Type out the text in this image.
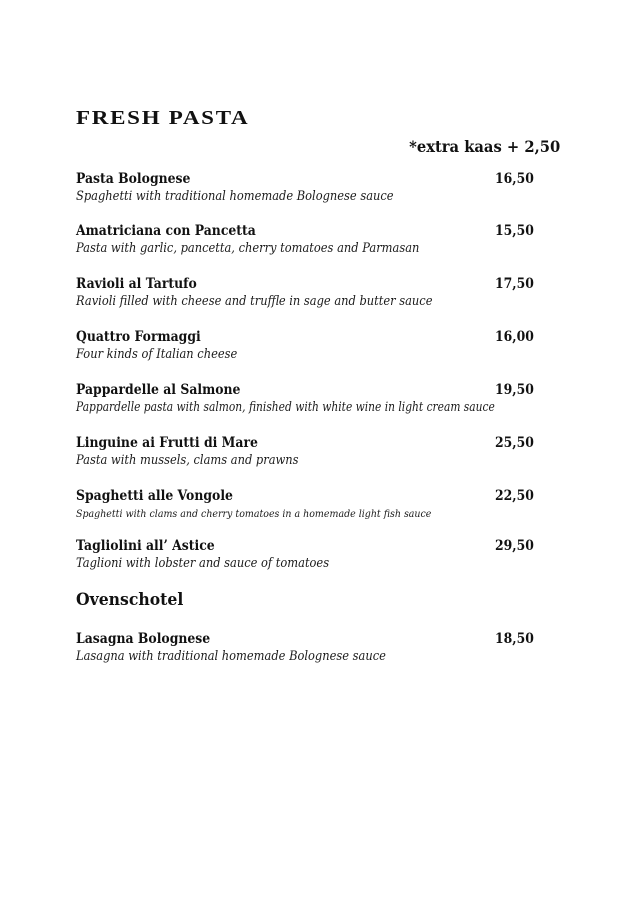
FRESH PASTA
*extra kaas + 2,50
Pasta Bolognese	16,50
Spaghetti with traditional homemade Bolognese sauce
Amatriciana con Pancetta	15,50
Pasta with garlic, pancetta, cherry tomatoes and Parmasan
Ravioli al Tartufo	17,50
Ravioli filled with cheese and truffle in sage and butter sauce
Quattro Formaggi	16,00
Four kinds of Italian cheese
Pappardelle al Salmone	19,50
Pappardelle pasta with salmon, finished with white wine in light cream sauce
Linguine ai Frutti di Mare	25,50
Pasta with mussels, clams and prawns
Spaghetti alle Vongole	22,50
Spaghetti with clams and cherry tomatoes in a homemade light fish sauce
Tagliolini all’ Astice	29,50
Taglioni with lobster and sauce of tomatoes
Ovenschotel
Lasagna Bolognese	18,50
Lasagna with traditional homemade Bolognese sauce
